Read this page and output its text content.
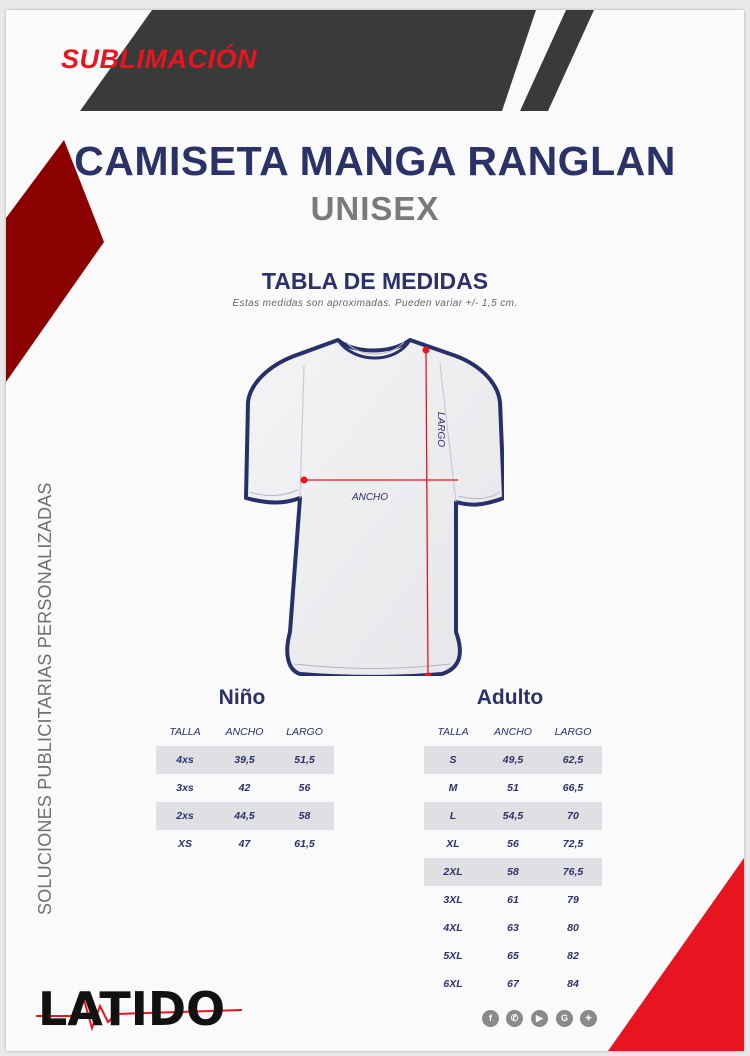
SUBLIMACIÓN
CAMISETA MANGA RANGLAN
UNISEX
TABLA DE MEDIDAS
Estas medidas son aproximadas. Pueden variar +/- 1,5 cm.
SOLUCIONES PUBLICITARIAS PERSONALIZADAS	ANCHO
LARGO
Niño
TALLA	ANCHO	LARGO
4xs	39,5	51,5
3xs	42	56
2xs	44,5	58
XS	47	61,5
Adulto
TALLA	ANCHO	LARGO
S	49,5	62,5
M	51	66,5
L	54,5	70
XL	56	72,5
2XL	58	76,5
3XL	61	79
4XL	63	80
5XL	65	82
6XL	67	84
LATIDO	f	✆	▶	G	✦
